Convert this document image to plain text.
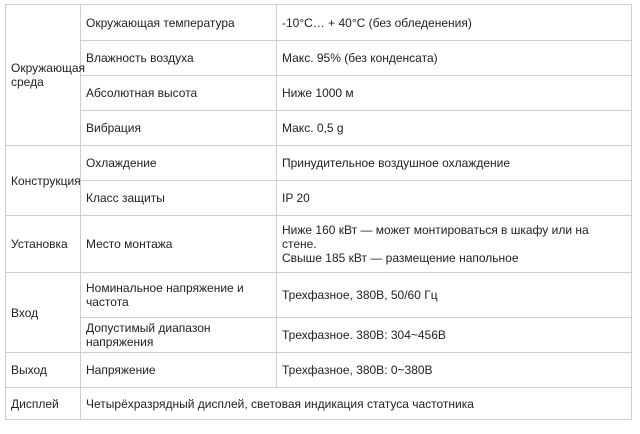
Окружающая среда	Окружающая температура	-10°C… + 40°C (без обледенения)
	Влажность воздуха	Макс. 95% (без конденсата)
	Абсолютная высота	Ниже 1000 м
	Вибрация	Макс. 0,5 g
Конструкция	Охлаждение	Принудительное воздушное охлаждение
	Класс защиты	IP 20
Установка	Место монтажа	Ниже 160 кВт — может монтироваться в шкафу или на стене.
Свыше 185 кВт — размещение напольное

Вход	Номинальное напряжение и частота	Трехфазное, 380В, 50/60 Гц
	Допустимый диапазон напряжения	Трехфазное. 380В: 304~456В
Выход	Напряжение	Трехфазное, 380В: 0~380В
Дисплей	Четырёхразрядный дисплей, световая индикация статуса частотника	
